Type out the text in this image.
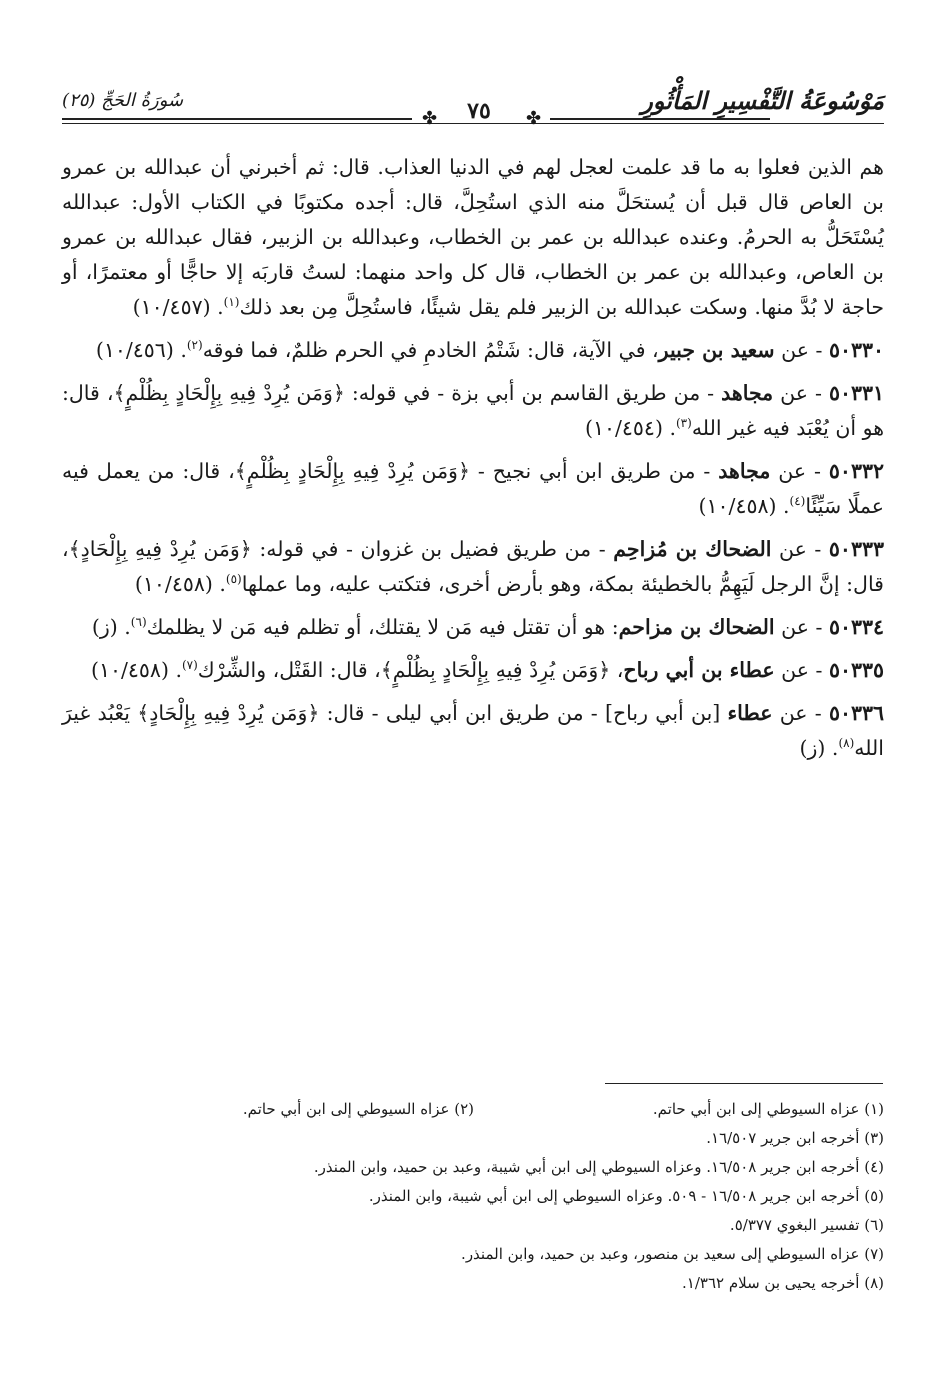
مَوْسُوعَةُ التَّفْسِيرِ المَأْثُورِ
سُورَةُ الحَجِّ (٢٥)
✤	٧٥	✤

هم الذين فعلوا به ما قد علمت لعجل لهم في الدنيا العذاب. قال: ثم أخبرني أن عبدالله بن عمرو بن العاص قال قبل أن يُستحَلَّ منه الذي استُحِلَّ، قال: أجده مكتوبًا في الكتاب الأول: عبدالله يُسْتَحَلُّ به الحرمُ. وعنده عبدالله بن عمر بن الخطاب، وعبدالله بن الزبير، فقال عبدالله بن عمرو بن العاص، وعبدالله بن عمر بن الخطاب، قال كل واحد منهما: لستُ قاربَه إلا حاجًّا أو معتمرًا، أو حاجة لا بُدَّ منها. وسكت عبدالله بن الزبير فلم يقل شيئًا، فاستُحِلَّ مِن بعد ذلك$^{(١)}$. (١٠/٤٥٧)

٥٠٣٣٠ - عن سعيد بن جبير، في الآية، قال: شَتْمُ الخادمِ في الحرم ظلمٌ، فما فوقه$^{(٢)}$. (١٠/٤٥٦)

٥٠٣٣١ - عن مجاهد - من طريق القاسم بن أبي بزة - في قوله: ﴿وَمَن يُرِدْ فِيهِ بِإِلْحَادٍ بِظُلْمٍ﴾، قال: هو أن يُعْبَد فيه غير الله$^{(٣)}$. (١٠/٤٥٤)

٥٠٣٣٢ - عن مجاهد - من طريق ابن أبي نجيح - ﴿وَمَن يُرِدْ فِيهِ بِإِلْحَادٍ بِظُلْمٍ﴾، قال: من يعمل فيه عملًا سَيِّئًا$^{(٤)}$. (١٠/٤٥٨)

٥٠٣٣٣ - عن الضحاك بن مُزاحِم - من طريق فضيل بن غزوان - في قوله: ﴿وَمَن يُرِدْ فِيهِ بِإِلْحَادٍ﴾، قال: إنَّ الرجل لَيَهِمُّ بالخطيئة بمكة، وهو بأرض أخرى، فتكتب عليه، وما عملها$^{(٥)}$. (١٠/٤٥٨)

٥٠٣٣٤ - عن الضحاك بن مزاحم: هو أن تقتل فيه مَن لا يقتلك، أو تظلم فيه مَن لا يظلمك$^{(٦)}$. (ز)

٥٠٣٣٥ - عن عطاء بن أبي رباح، ﴿وَمَن يُرِدْ فِيهِ بِإِلْحَادٍ بِظُلْمٍ﴾، قال: القَتْل، والشِّرْك$^{(٧)}$. (١٠/٤٥٨)

٥٠٣٣٦ - عن عطاء [بن أبي رباح] - من طريق ابن أبي ليلى - قال: ﴿وَمَن يُرِدْ فِيهِ بِإِلْحَادٍ﴾ يَعْبُد غيرَ الله$^{(٨)}$. (ز)

(١) عزاه السيوطي إلى ابن أبي حاتم.
(٢) عزاه السيوطي إلى ابن أبي حاتم.
(٣) أخرجه ابن جرير ١٦/٥٠٧.
(٤) أخرجه ابن جرير ١٦/٥٠٨. وعزاه السيوطي إلى ابن أبي شيبة، وعبد بن حميد، وابن المنذر.
(٥) أخرجه ابن جرير ١٦/٥٠٨ - ٥٠٩. وعزاه السيوطي إلى ابن أبي شيبة، وابن المنذر.
(٦) تفسير البغوي ٥/٣٧٧.
(٧) عزاه السيوطي إلى سعيد بن منصور، وعبد بن حميد، وابن المنذر.
(٨) أخرجه يحيى بن سلام ١/٣٦٢.
